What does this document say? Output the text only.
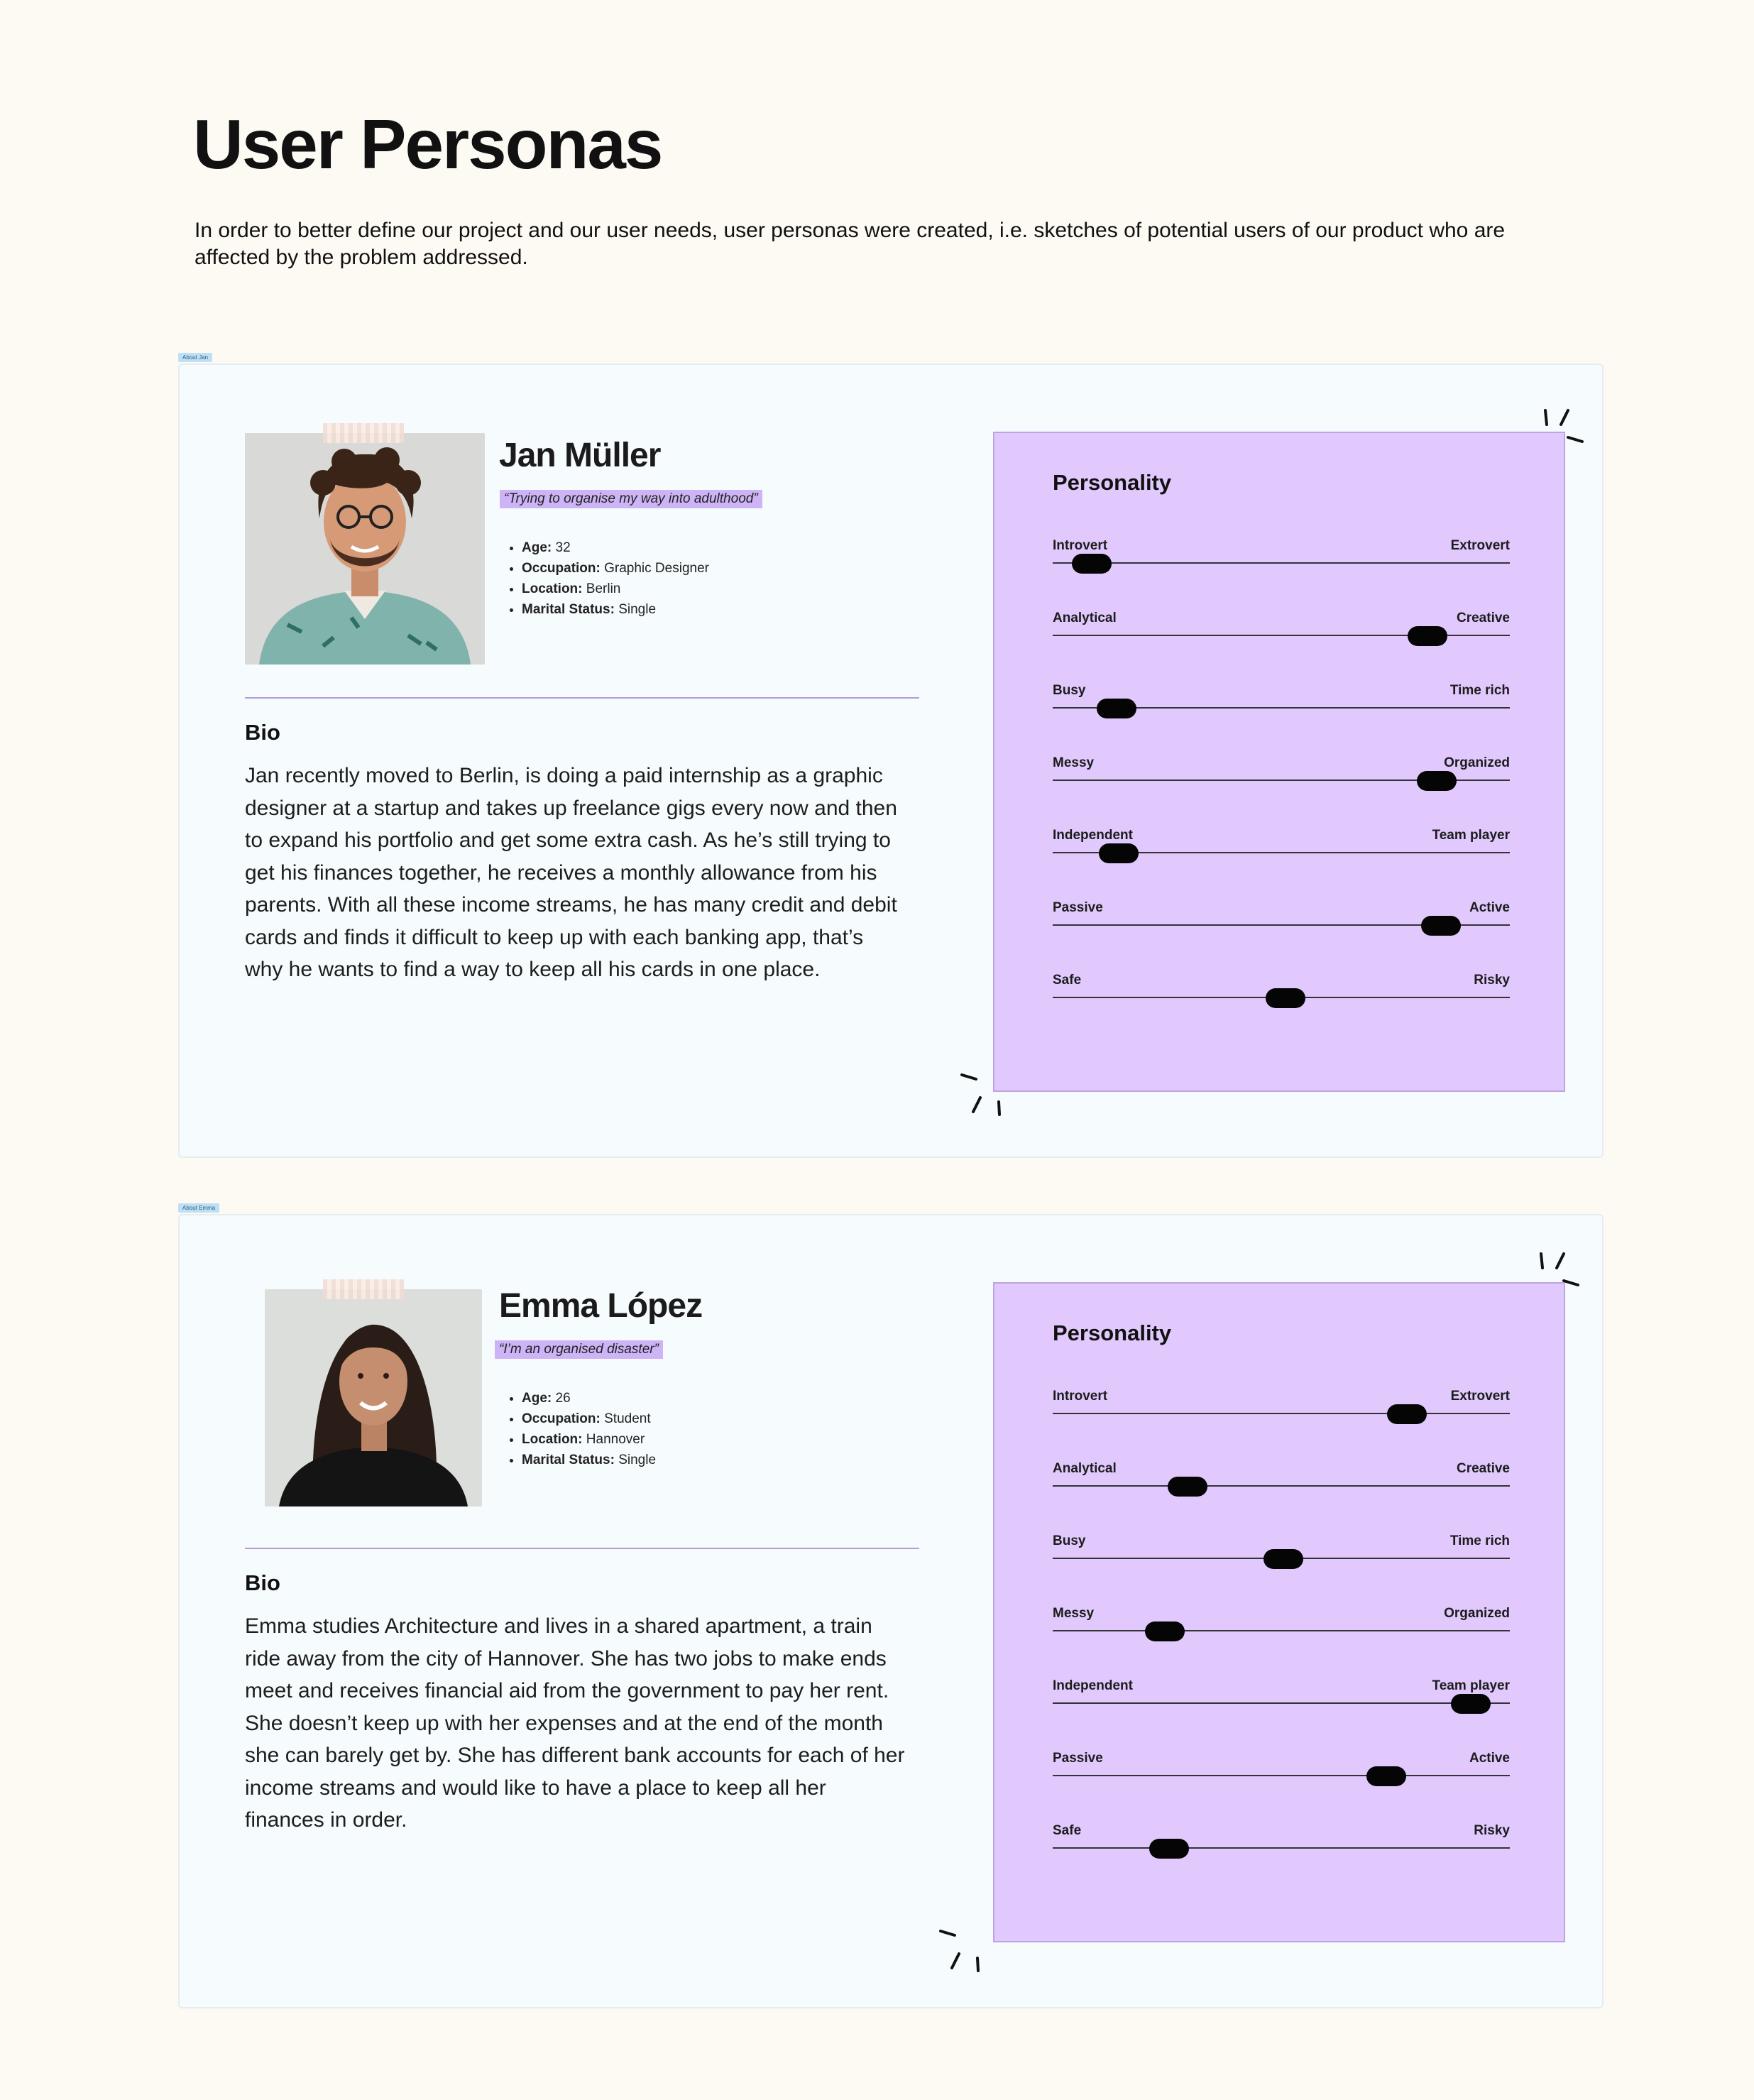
User Personas

In order to better define our project and our user needs, user personas were created, i.e. sketches of potential users of our product who are affected by the problem addressed.

About Jan
Jan Müller
“Trying to organise my way into adulthood”
• Age: 32
• Occupation: Graphic Designer
• Location: Berlin
• Marital Status: Single
Bio

Jan recently moved to Berlin, is doing a paid internship as a graphic designer at a startup and takes up freelance gigs every now and then to expand his portfolio and get some extra cash. As he’s still trying to get his finances together, he receives a monthly allowance from his parents. With all these income streams, he has many credit and debit cards and finds it difficult to keep up with each banking app, that’s why he wants to find a way to keep all his cards in one place.

Personality
Introvert	Extrovert
Analytical	Creative
Busy	Time rich
Messy	Organized
Independent	Team player
Passive	Active
Safe	Risky
About Emma
Emma López
“I’m an organised disaster”
• Age: 26
• Occupation: Student
• Location: Hannover
• Marital Status: Single
Bio

Emma studies Architecture and lives in a shared apartment, a train ride away from the city of Hannover. She has two jobs to make ends meet and receives financial aid from the government to pay her rent. She doesn’t keep up with her expenses and at the end of the month she can barely get by. She has different bank accounts for each of her income streams and would like to have a place to keep all her finances in order.

Personality
Introvert	Extrovert
Analytical	Creative
Busy	Time rich
Messy	Organized
Independent	Team player
Passive	Active
Safe	Risky
